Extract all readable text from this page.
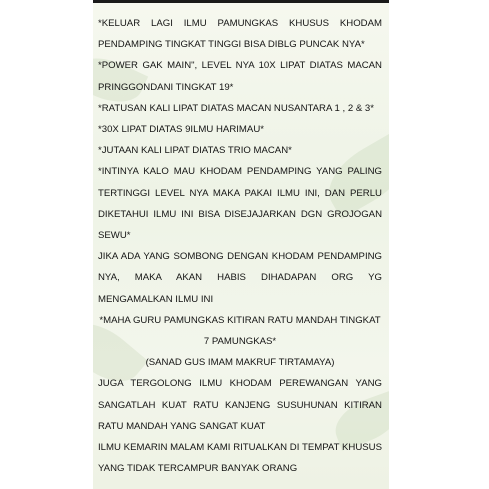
*KELUAR LAGI ILMU PAMUNGKAS KHUSUS KHODAM PENDAMPING TINGKAT TINGGI BISA DIBLG PUNCAK NYA*

*POWER GAK MAIN", LEVEL NYA 10X LIPAT DIATAS MACAN PRINGGONDANI TINGKAT 19*

*RATUSAN KALI LIPAT DIATAS MACAN NUSANTARA 1 , 2 & 3*

*30X LIPAT DIATAS 9ILMU HARIMAU*

*JUTAAN KALI LIPAT DIATAS TRIO MACAN*

*INTINYA KALO MAU KHODAM PENDAMPING YANG PALING TERTINGGI LEVEL NYA MAKA PAKAI ILMU INI, DAN PERLU DIKETAHUI ILMU INI BISA DISEJAJARKAN DGN GROJOGAN SEWU*

JIKA ADA YANG SOMBONG DENGAN KHODAM PENDAMPING NYA, MAKA AKAN HABIS DIHADAPAN ORG YG MENGAMALKAN ILMU INI

*MAHA GURU PAMUNGKAS KITIRAN RATU MANDAH TINGKAT 7 PAMUNGKAS*

(SANAD GUS IMAM MAKRUF TIRTAMAYA)

JUGA TERGOLONG ILMU KHODAM PEREWANGAN YANG SANGATLAH KUAT RATU KANJENG SUSUHUNAN KITIRAN RATU MANDAH YANG SANGAT KUAT

ILMU KEMARIN MALAM KAMI RITUALKAN DI TEMPAT KHUSUS YANG TIDAK TERCAMPUR BANYAK ORANG
